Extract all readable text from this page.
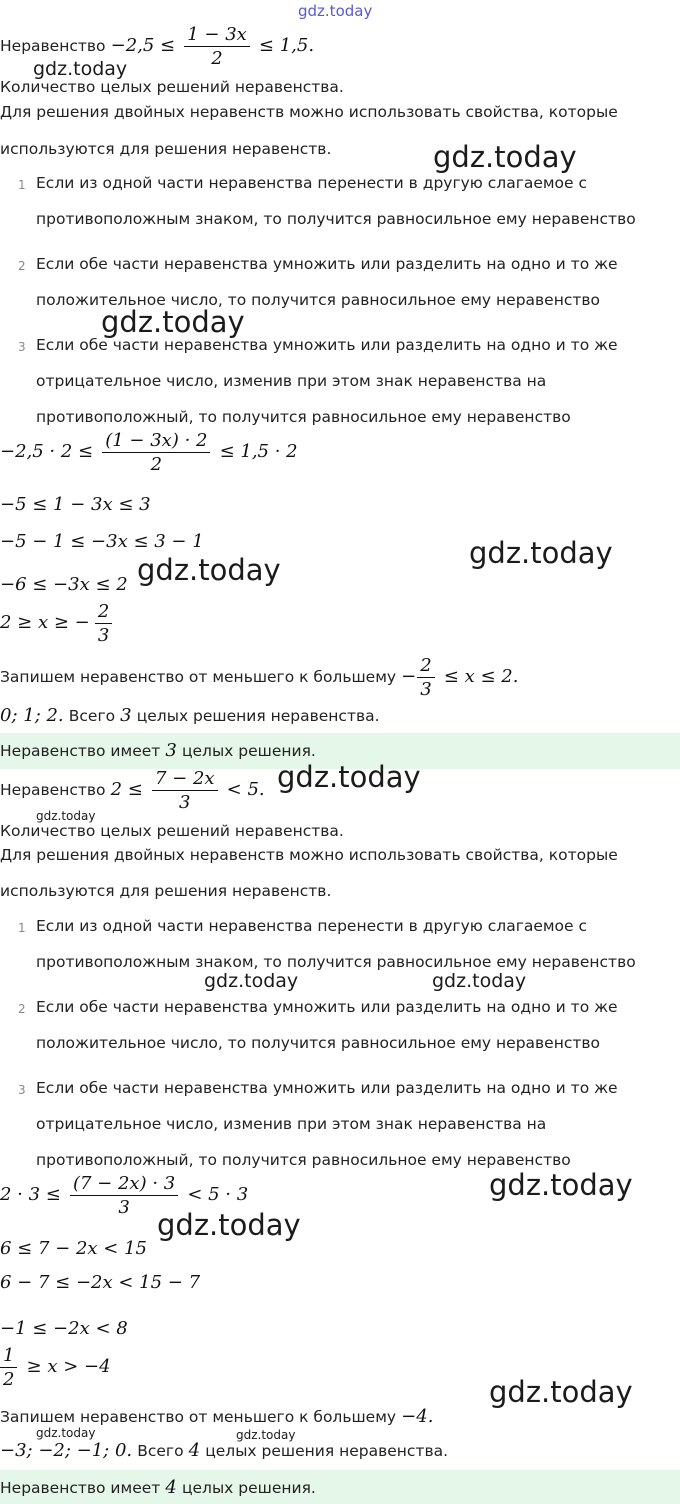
Неравенство $-2,5 \le \frac{1 - 3x}{2} \le 1,5$.
Количество целых решений неравенства.
Для решения двойных неравенств можно использовать свойства, которые
используются для решения неравенств.
1 Если из одной части неравенства перенести в другую слагаемое с
противоположным знаком, то получится равносильное ему неравенство
2 Если обе части неравенства умножить или разделить на одно и то же
положительное число, то получится равносильное ему неравенство
3 Если обе части неравенства умножить или разделить на одно и то же
отрицательное число, изменив при этом знак неравенства на
противоположный, то получится равносильное ему неравенство
$-2,5 \cdot 2 \le \frac{(1 - 3x) \cdot 2}{2} \le 1,5 \cdot 2$
−5 ≤ 1 − 3x ≤ 3
−5 − 1 ≤ −3x ≤ 3 − 1
−6 ≤ −3x ≤ 2
2 ≥ x ≥ − $\frac{2}{3}$
Запишем неравенство от меньшего к большему − $\frac{2}{3} \le x \le 2$.
0; 1; 2. Всего 3 целых решения неравенства.
Неравенство имеет 3 целых решения.
Неравенство $2 \le \frac{7 - 2x}{3} < 5$.
Количество целых решений неравенства.
Для решения двойных неравенств можно использовать свойства, которые
используются для решения неравенств.
1 Если из одной части неравенства перенести в другую слагаемое с
противоположным знаком, то получится равносильное ему неравенство
2 Если обе части неравенства умножить или разделить на одно и то же
положительное число, то получится равносильное ему неравенство
3 Если обе части неравенства умножить или разделить на одно и то же
отрицательное число, изменив при этом знак неравенства на
противоположный, то получится равносильное ему неравенство
$2 \cdot 3 \le \frac{(7 - 2x) \cdot 3}{3} < 5 \cdot 3$
6 ≤ 7 − 2x < 15
6 − 7 ≤ −2x < 15 − 7
−1 ≤ −2x < 8
$\frac{1}{2} \ge x > -4$
Запишем неравенство от меньшего к большему −4.
−3; −2; −1; 0. Всего 4 целых решения неравенства.
Неравенство имеет 4 целых решения.
gdz.today
gdz.today
gdz.today
gdz.today
gdz.today
gdz.today
gdz.today
gdz.today
gdz.today	gdz.today
gdz.today
gdz.today
gdz.today
gdz.today	gdz.today
